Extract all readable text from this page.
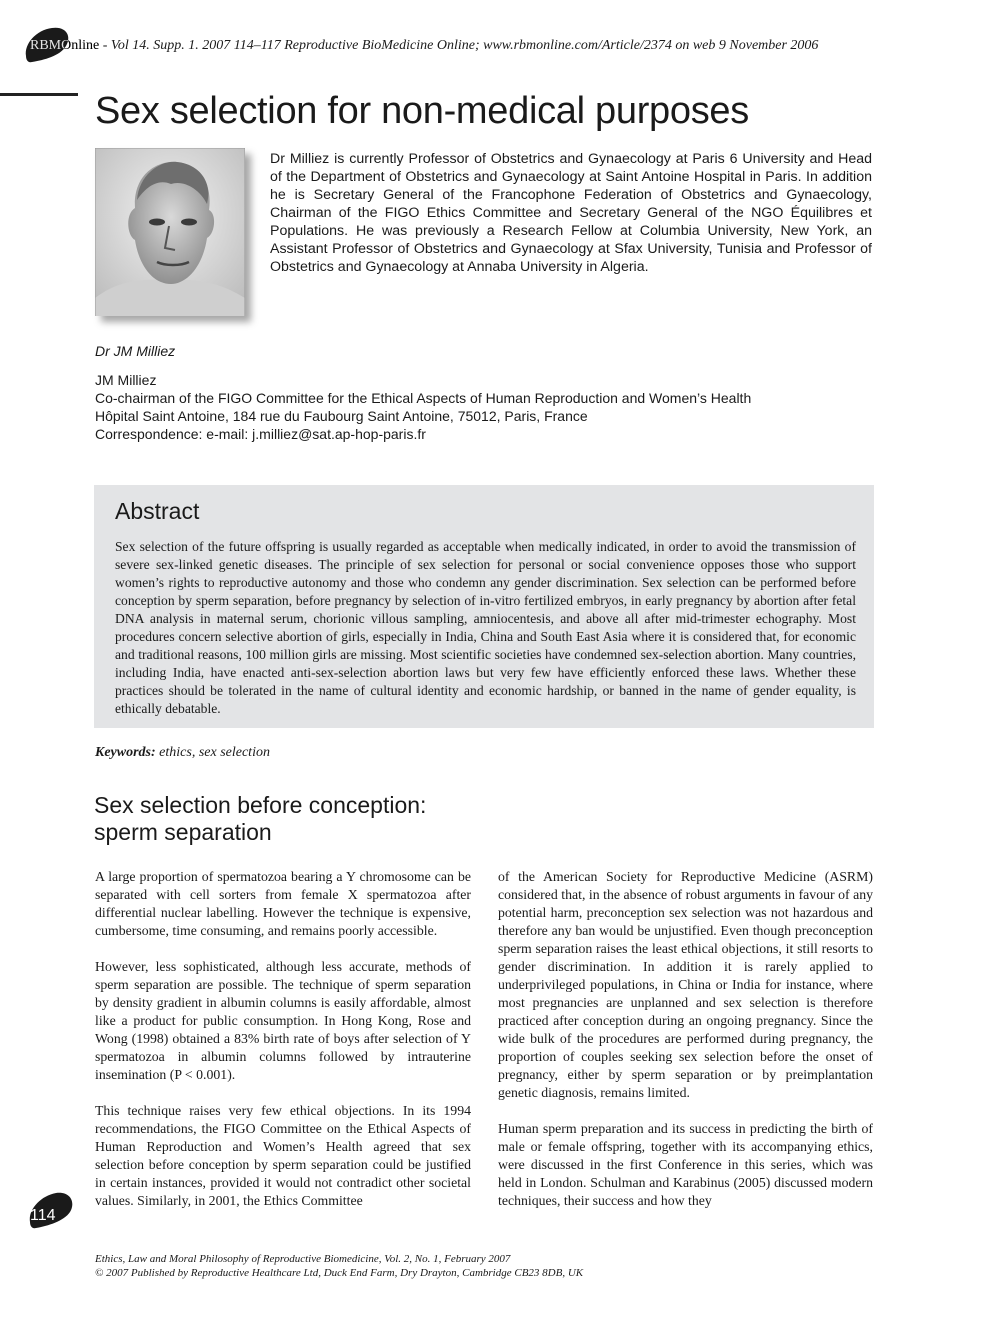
RBMOnline - Vol 14. Supp. 1. 2007 114–117 Reproductive BioMedicine Online; www.rbmonline.com/Article/2374 on web 9 November 2006
Sex selection for non-medical purposes

Dr Milliez is currently Professor of Obstetrics and Gynaecology at Paris 6 University and Head of the Department of Obstetrics and Gynaecology at Saint Antoine Hospital in Paris. In addition he is Secretary General of the Francophone Federation of Obstetrics and Gynaecology, Chairman of the FIGO Ethics Committee and Secretary General of the NGO Équilibres et Populations. He was previously a Research Fellow at Columbia University, New York, an Assistant Professor of Obstetrics and Gynaecology at Sfax University, Tunisia and Professor of Obstetrics and Gynaecology at Annaba University in Algeria.

Dr JM Milliez
JM Milliez
Co-chairman of the FIGO Committee for the Ethical Aspects of Human Reproduction and Women’s Health
Hôpital Saint Antoine, 184 rue du Faubourg Saint Antoine, 75012, Paris, France
Correspondence: e-mail: j.milliez@sat.ap-hop-paris.fr
Abstract

Sex selection of the future offspring is usually regarded as acceptable when medically indicated, in order to avoid the transmission of severe sex-linked genetic diseases. The principle of sex selection for personal or social convenience opposes those who support women’s rights to reproductive autonomy and those who condemn any gender discrimination. Sex selection can be performed before conception by sperm separation, before pregnancy by selection of in-vitro fertilized embryos, in early pregnancy by abortion after fetal DNA analysis in maternal serum, chorionic villous sampling, amniocentesis, and above all after mid-trimester echography. Most procedures concern selective abortion of girls, especially in India, China and South East Asia where it is considered that, for economic and traditional reasons, 100 million girls are missing. Most scientific societies have condemned sex-selection abortion. Many countries, including India, have enacted anti-sex-selection abortion laws but very few have efficiently enforced these laws. Whether these practices should be tolerated in the name of cultural identity and economic hardship, or banned in the name of gender equality, is ethically debatable.

Keywords: ethics, sex selection
Sex selection before conception:
sperm separation

A large proportion of spermatozoa bearing a Y chromosome can be separated with cell sorters from female X spermatozoa after differential nuclear labelling. However the technique is expensive, cumbersome, time consuming, and remains poorly accessible.

However, less sophisticated, although less accurate, methods of sperm separation are possible. The technique of sperm separation by density gradient in albumin columns is easily affordable, almost like a product for public consumption. In Hong Kong, Rose and Wong (1998) obtained a 83% birth rate of boys after selection of Y spermatozoa in albumin columns followed by intrauterine insemination (P < 0.001).

This technique raises very few ethical objections. In its 1994 recommendations, the FIGO Committee on the Ethical Aspects of Human Reproduction and Women’s Health agreed that sex selection before conception by sperm separation could be justified in certain instances, provided it would not contradict other societal values. Similarly, in 2001, the Ethics Committee

of the American Society for Reproductive Medicine (ASRM) considered that, in the absence of robust arguments in favour of any potential harm, preconception sex selection was not hazardous and therefore any ban would be unjustified. Even though preconception sperm separation raises the least ethical objections, it still resorts to gender discrimination. In addition it is rarely applied to underprivileged populations, in China or India for instance, where most pregnancies are unplanned and sex selection is therefore practiced after conception during an ongoing pregnancy. Since the wide bulk of the procedures are performed during pregnancy, the proportion of couples seeking sex selection before the onset of pregnancy, either by sperm separation or by preimplantation genetic diagnosis, remains limited.

Human sperm preparation and its success in predicting the birth of male or female offspring, together with its accompanying ethics, were discussed in the first Conference in this series, which was held in London. Schulman and Karabinus (2005) discussed modern techniques, their success and how they

114
Ethics, Law and Moral Philosophy of Reproductive Biomedicine, Vol. 2, No. 1, February 2007
© 2007 Published by Reproductive Healthcare Ltd, Duck End Farm, Dry Drayton, Cambridge CB23 8DB, UK
